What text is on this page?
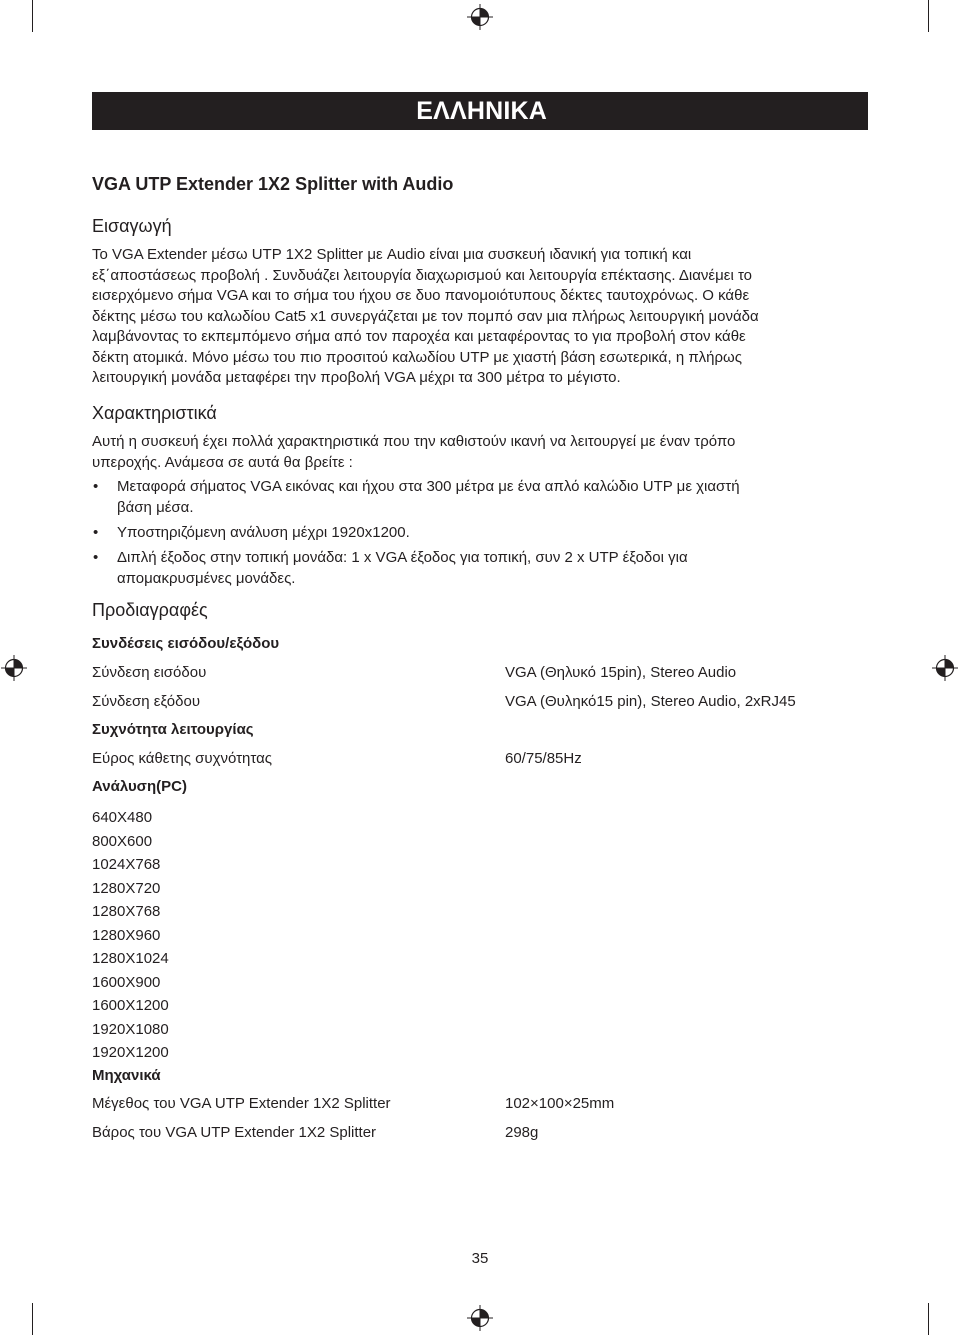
ΕΛΛΗΝΙΚΑ
VGA UTP Extender 1X2 Splitter with Audio
Εισαγωγή
Το VGA Extender μέσω UTP 1X2 Splitter με Audio είναι μια συσκευή ιδανική για τοπική και
εξ΄αποστάσεως προβολή . Συνδυάζει λειτουργία διαχωρισμού και λειτουργία επέκτασης. Διανέμει το
εισερχόμενο σήμα VGA και το σήμα του ήχου σε δυο πανομοιότυπους δέκτες ταυτοχρόνως. Ο κάθε
δέκτης μέσω του καλωδίου Cat5 x1 συνεργάζεται με τον πομπό σαν μια πλήρως λειτουργική μονάδα
λαμβάνοντας το εκπεμπόμενο σήμα από τον παροχέα και μεταφέροντας το για προβολή στον κάθε
δέκτη ατομικά. Μόνο μέσω του πιο προσιτού καλωδίου UTP με χιαστή βάση εσωτερικά, η πλήρως
λειτουργική μονάδα μεταφέρει την προβολή VGA μέχρι τα 300 μέτρα το μέγιστο.
Χαρακτηριστικά
Αυτή η συσκευή έχει πολλά χαρακτηριστικά που την καθιστούν ικανή να λειτουργεί με έναν τρόπο
υπεροχής. Ανάμεσα σε αυτά θα βρείτε :
• Μεταφορά σήματος VGA εικόνας και ήχου στα 300 μέτρα με ένα απλό καλώδιο UTP με χιαστή
βάση μέσα.
• Υποστηριζόμενη ανάλυση μέχρι 1920x1200.
• Διπλή έξοδος στην τοπική μονάδα: 1 x VGA έξοδος για τοπική, συν 2 x UTP έξοδοι για
απομακρυσμένες μονάδες.
Προδιαγραφές
Συνδέσεις εισόδου/εξόδου
Σύνδεση εισόδου	VGA (Θηλυκό 15pin), Stereo Audio
Σύνδεση εξόδου	VGA (Θυληκό15 pin), Stereo Audio, 2xRJ45
Συχνότητα λειτουργίας
Εύρος κάθετης συχνότητας	60/75/85Hz
Ανάλυση(PC)
640X480
800X600
1024X768
1280X720
1280X768
1280X960
1280X1024
1600X900
1600X1200
1920X1080
1920X1200
Μηχανικά
Μέγεθος του VGA UTP Extender 1X2 Splitter	102×100×25mm
Βάρος του VGA UTP Extender 1X2 Splitter	298g
35
